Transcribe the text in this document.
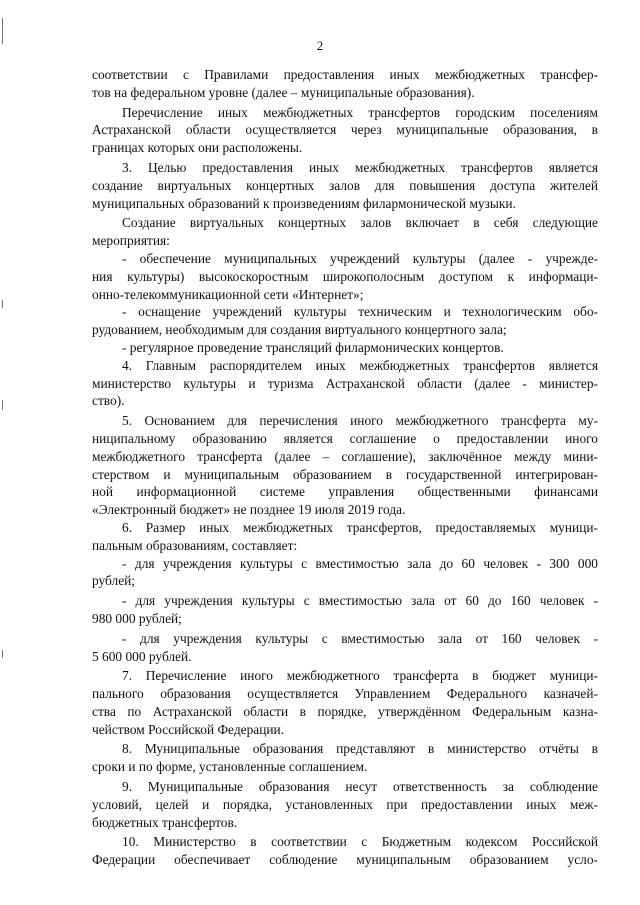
2
соответствии с Правилами предоставления иных межбюджетных трансфер-
тов на федеральном уровне (далее – муниципальные образования).
Перечисление иных межбюджетных трансфертов городским поселениям
Астраханской области осуществляется через муниципальные образования, в
границах которых они расположены.
3. Целью предоставления иных межбюджетных трансфертов является
создание виртуальных концертных залов для повышения доступа жителей
муниципальных образований к произведениям филармонической музыки.
Создание виртуальных концертных залов включает в себя следующие
мероприятия:
- обеспечение муниципальных учреждений культуры (далее - учрежде-
ния культуры) высокоскоростным широкополосным доступом к информаци-
онно-телекоммуникационной сети «Интернет»;
- оснащение учреждений культуры техническим и технологическим обо-
рудованием, необходимым для создания виртуального концертного зала;
- регулярное проведение трансляций филармонических концертов.
4. Главным распорядителем иных межбюджетных трансфертов является
министерство культуры и туризма Астраханской области (далее - министер-
ство).
5. Основанием для перечисления иного межбюджетного трансферта му-
ниципальному образованию является соглашение о предоставлении иного
межбюджетного трансферта (далее – соглашение), заключённое между мини-
стерством и муниципальным образованием в государственной интегрирован-
ной информационной системе управления общественными финансами
«Электронный бюджет» не позднее 19 июля 2019 года.
6. Размер иных межбюджетных трансфертов, предоставляемых муници-
пальным образованиям, составляет:
- для учреждения культуры с вместимостью зала до 60 человек - 300 000
рублей;
- для учреждения культуры с вместимостью зала от 60 до 160 человек -
980 000 рублей;
- для учреждения культуры с вместимостью зала от 160 человек -
5 600 000 рублей.
7. Перечисление иного межбюджетного трансферта в бюджет муници-
пального образования осуществляется Управлением Федерального казначей-
ства по Астраханской области в порядке, утверждённом Федеральным казна-
чейством Российской Федерации.
8. Муниципальные образования представляют в министерство отчёты в
сроки и по форме, установленные соглашением.
9. Муниципальные образования несут ответственность за соблюдение
условий, целей и порядка, установленных при предоставлении иных меж-
бюджетных трансфертов.
10. Министерство в соответствии с Бюджетным кодексом Российской
Федерации обеспечивает соблюдение муниципальным образованием усло-
